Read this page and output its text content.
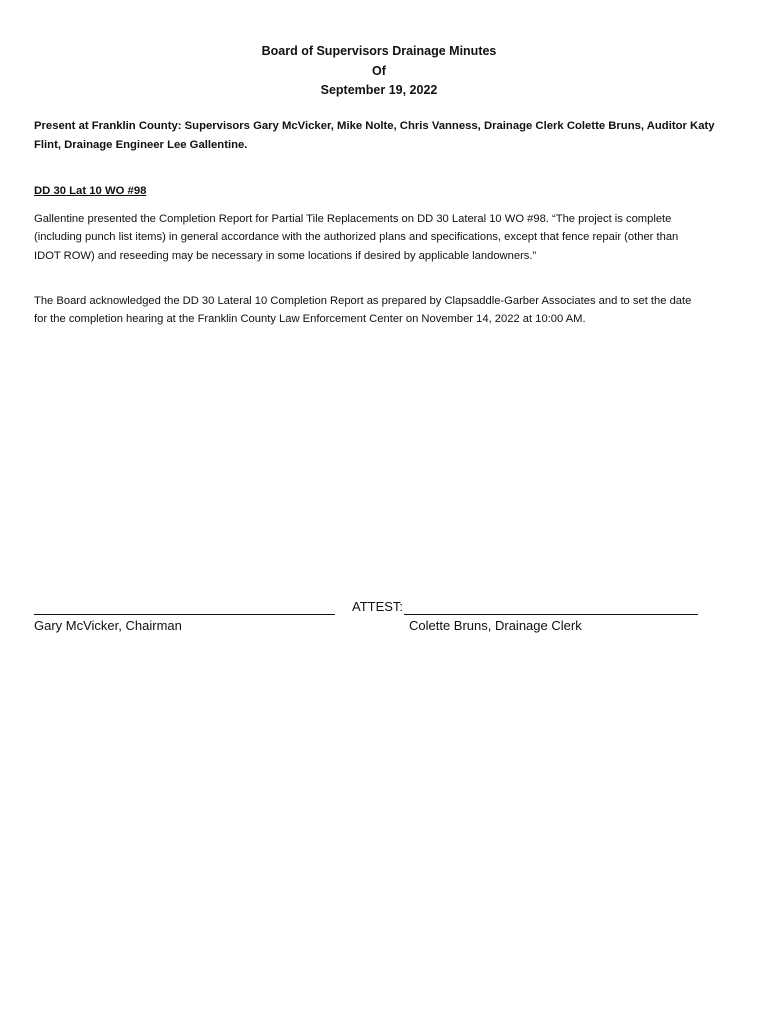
Board of Supervisors Drainage Minutes
Of
September 19, 2022
Present at Franklin County: Supervisors Gary McVicker, Mike Nolte, Chris Vanness, Drainage Clerk Colette Bruns, Auditor Katy Flint, Drainage Engineer Lee Gallentine.
DD 30 Lat 10 WO #98
Gallentine presented the Completion Report for Partial Tile Replacements on DD 30 Lateral 10 WO #98. “The project is complete (including punch list items) in general accordance with the authorized plans and specifications, except that fence repair (other than IDOT ROW) and reseeding may be necessary in some locations if desired by applicable landowners.”
The Board acknowledged the DD 30 Lateral 10 Completion Report as prepared by Clapsaddle-Garber Associates and to set the date for the completion hearing at the Franklin County Law Enforcement Center on November 14, 2022 at 10:00 AM.
ATTEST:
Gary McVicker, Chairman	Colette Bruns, Drainage Clerk
